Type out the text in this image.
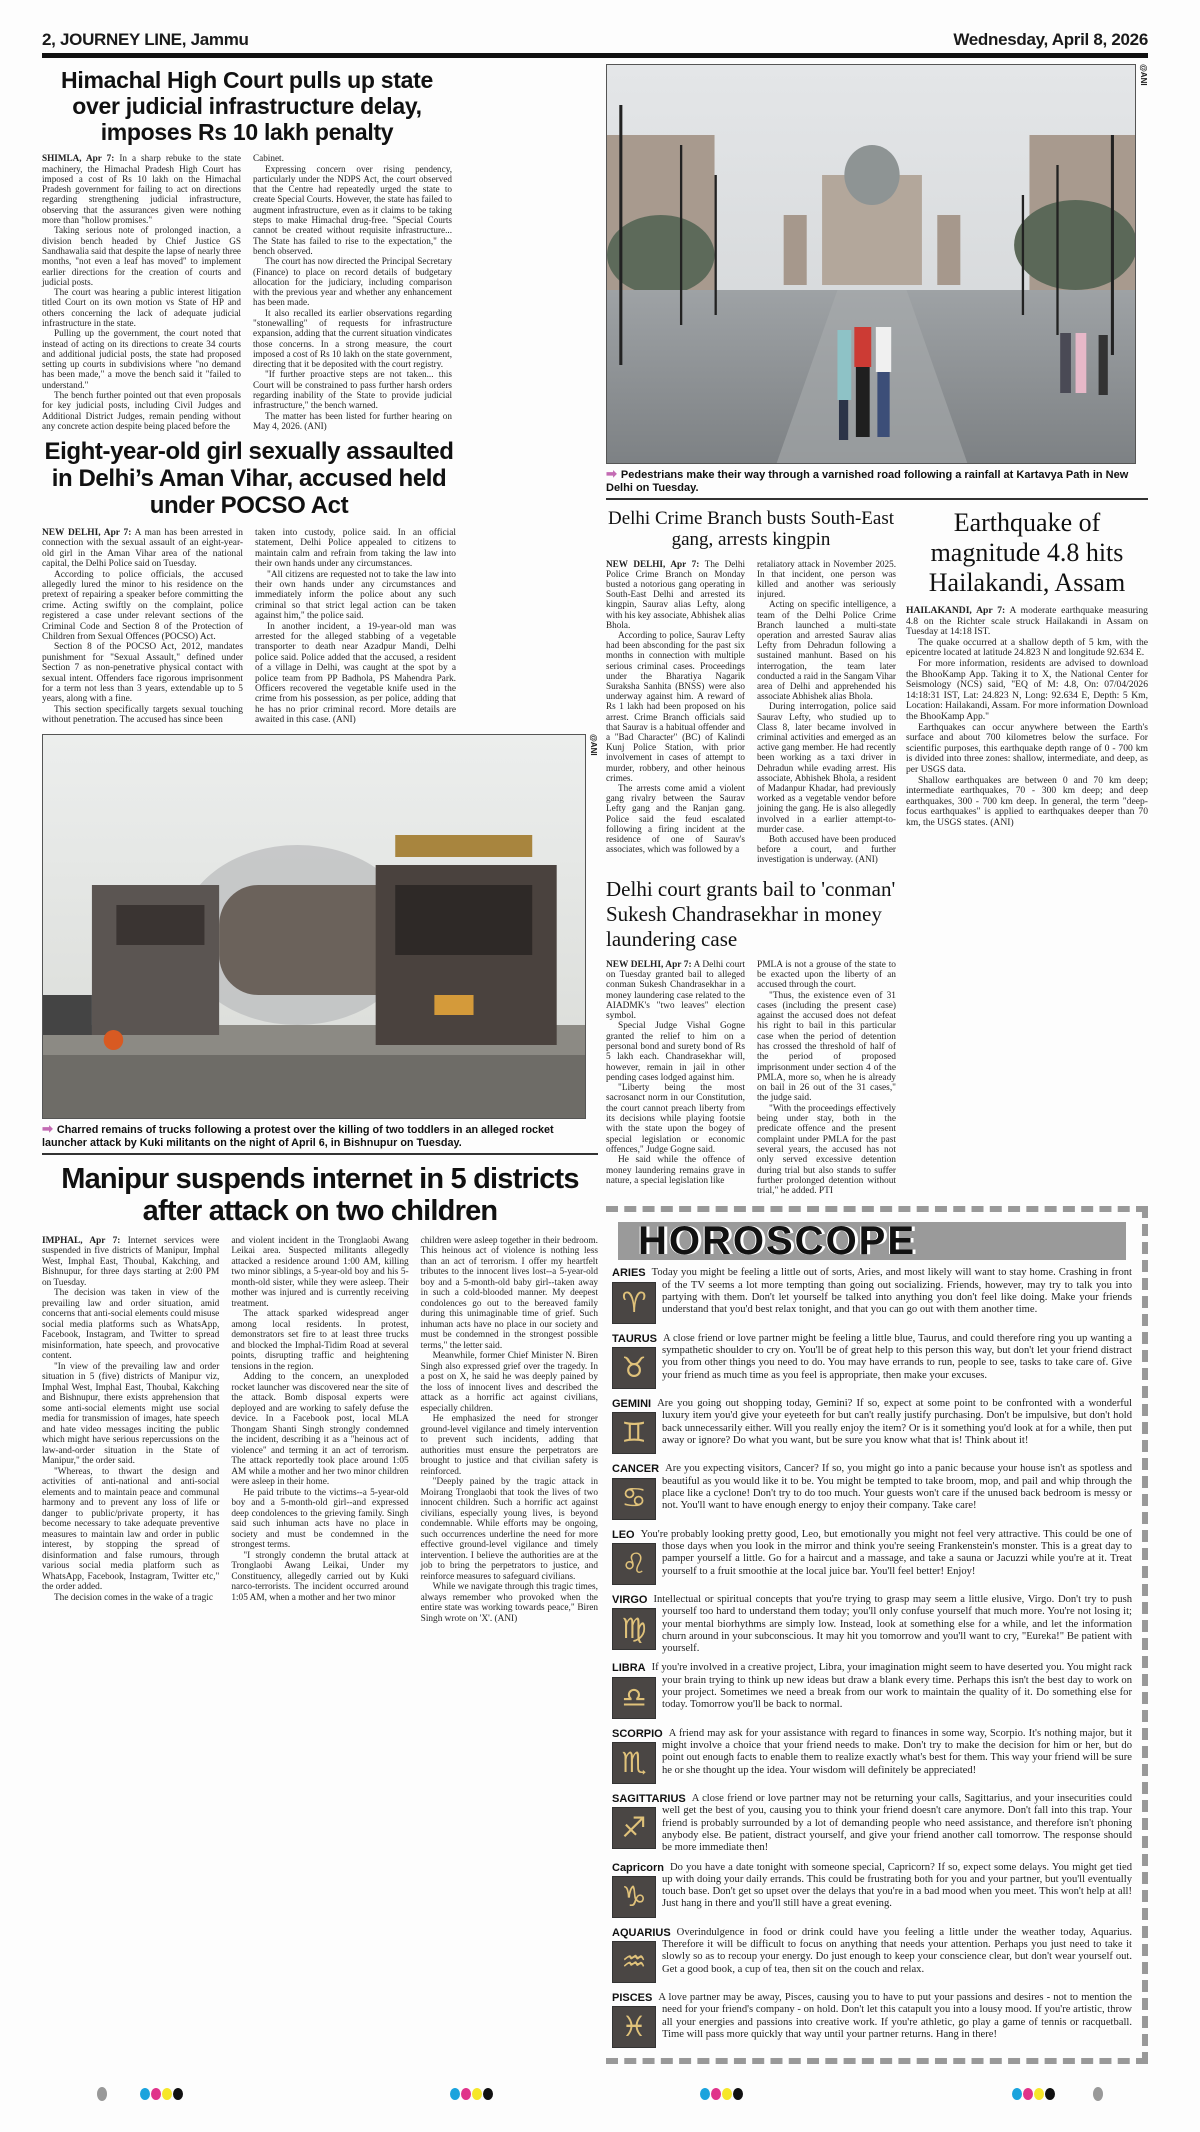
2, JOURNEY LINE, Jammu	Wednesday, April 8, 2026
Himachal High Court pulls up state over judicial infrastructure delay, imposes Rs 10 lakh penalty

SHIMLA, Apr 7: In a sharp rebuke to the state machinery, the Himachal Pradesh High Court has imposed a cost of Rs 10 lakh on the Himachal Pradesh government for failing to act on directions regarding strengthening judicial infrastructure, observing that the assurances given were nothing more than "hollow promises."

Taking serious note of prolonged inaction, a division bench headed by Chief Justice GS Sandhawalia said that despite the lapse of nearly three months, "not even a leaf has moved" to implement earlier directions for the creation of courts and judicial posts.

The court was hearing a public interest litigation titled Court on its own motion vs State of HP and others concerning the lack of adequate judicial infrastructure in the state.

Pulling up the government, the court noted that instead of acting on its directions to create 34 courts and additional judicial posts, the state had proposed setting up courts in subdivisions where "no demand has been made," a move the bench said it "failed to understand."

The bench further pointed out that even proposals for key judicial posts, including Civil Judges and Additional District Judges, remain pending without any concrete action despite being placed before the

Cabinet.

Expressing concern over rising pendency, particularly under the NDPS Act, the court observed that the Centre had repeatedly urged the state to create Special Courts. However, the state has failed to augment infrastructure, even as it claims to be taking steps to make Himachal drug-free. "Special Courts cannot be created without requisite infrastructure... The State has failed to rise to the expectation," the bench observed.

The court has now directed the Principal Secretary (Finance) to place on record details of budgetary allocation for the judiciary, including comparison with the previous year and whether any enhancement has been made.

It also recalled its earlier observations regarding "stonewalling" of requests for infrastructure expansion, adding that the current situation vindicates those concerns. In a strong measure, the court imposed a cost of Rs 10 lakh on the state government, directing that it be deposited with the court registry.

"If further proactive steps are not taken... this Court will be constrained to pass further harsh orders regarding inability of the State to provide judicial infrastructure," the bench warned.

The matter has been listed for further hearing on May 4, 2026. (ANI)

Eight-year-old girl sexually assaulted in Delhi’s Aman Vihar, accused held under POCSO Act

NEW DELHI, Apr 7: A man has been arrested in connection with the sexual assault of an eight-year-old girl in the Aman Vihar area of the national capital, the Delhi Police said on Tuesday.

According to police officials, the accused allegedly lured the minor to his residence on the pretext of repairing a speaker before committing the crime. Acting swiftly on the complaint, police registered a case under relevant sections of the Criminal Code and Section 8 of the Protection of Children from Sexual Offences (POCSO) Act.

Section 8 of the POCSO Act, 2012, mandates punishment for "Sexual Assault," defined under Section 7 as non-penetrative physical contact with sexual intent. Offenders face rigorous imprisonment for a term not less than 3 years, extendable up to 5 years, along with a fine.

This section specifically targets sexual touching without penetration. The accused has since been

taken into custody, police said. In an official statement, Delhi Police appealed to citizens to maintain calm and refrain from taking the law into their own hands under any circumstances.

"All citizens are requested not to take the law into their own hands under any circumstances and immediately inform the police about any such criminal so that strict legal action can be taken against him," the police said.

In another incident, a 19-year-old man was arrested for the alleged stabbing of a vegetable transporter to death near Azadpur Mandi, Delhi police said. Police added that the accused, a resident of a village in Delhi, was caught at the spot by a police team from PP Badhola, PS Mahendra Park. Officers recovered the vegetable knife used in the crime from his possession, as per police, adding that he has no prior criminal record. More details are awaited in this case. (ANI)

@ANI
➡ Charred remains of trucks following a protest over the killing of two toddlers in an alleged rocket launcher attack by Kuki militants on the night of April 6, in Bishnupur on Tuesday.
Manipur suspends internet in 5 districts after attack on two children

IMPHAL, Apr 7: Internet services were suspended in five districts of Manipur, Imphal West, Imphal East, Thoubal, Kakching, and Bishnupur, for three days starting at 2:00 PM on Tuesday.

The decision was taken in view of the prevailing law and order situation, amid concerns that anti-social elements could misuse social media platforms such as WhatsApp, Facebook, Instagram, and Twitter to spread misinformation, hate speech, and provocative content.

"In view of the prevailing law and order situation in 5 (five) districts of Manipur viz, Imphal West, Imphal East, Thoubal, Kakching and Bishnupur, there exists apprehension that some anti-social elements might use social media for transmission of images, hate speech and hate video messages inciting the public which might have serious repercussions on the law-and-order situation in the State of Manipur," the order said.

"Whereas, to thwart the design and activities of anti-national and anti-social elements and to maintain peace and communal harmony and to prevent any loss of life or danger to public/private property, it has become necessary to take adequate preventive measures to maintain law and order in public interest, by stopping the spread of disinformation and false rumours, through various social media platform such as WhatsApp, Facebook, Instagram, Twitter etc," the order added.

The decision comes in the wake of a tragic

and violent incident in the Tronglaobi Awang Leikai area. Suspected militants allegedly attacked a residence around 1:00 AM, killing two minor siblings, a 5-year-old boy and his 5-month-old sister, while they were asleep. Their mother was injured and is currently receiving treatment.

The attack sparked widespread anger among local residents. In protest, demonstrators set fire to at least three trucks and blocked the Imphal-Tidim Road at several points, disrupting traffic and heightening tensions in the region.

Adding to the concern, an unexploded rocket launcher was discovered near the site of the attack. Bomb disposal experts were deployed and are working to safely defuse the device. In a Facebook post, local MLA Thongam Shanti Singh strongly condemned the incident, describing it as a "heinous act of violence" and terming it an act of terrorism. The attack reportedly took place around 1:05 AM while a mother and her two minor children were asleep in their home.

He paid tribute to the victims--a 5-year-old boy and a 5-month-old girl--and expressed deep condolences to the grieving family. Singh said such inhuman acts have no place in society and must be condemned in the strongest terms.

"I strongly condemn the brutal attack at Tronglaobi Awang Leikai, Under my Constituency, allegedly carried out by Kuki narco-terrorists. The incident occurred around 1:05 AM, when a mother and her two minor

children were asleep together in their bedroom. This heinous act of violence is nothing less than an act of terrorism. I offer my heartfelt tributes to the innocent lives lost--a 5-year-old boy and a 5-month-old baby girl--taken away in such a cold-blooded manner. My deepest condolences go out to the bereaved family during this unimaginable time of grief. Such inhuman acts have no place in our society and must be condemned in the strongest possible terms," the letter said.

Meanwhile, former Chief Minister N. Biren Singh also expressed grief over the tragedy. In a post on X, he said he was deeply pained by the loss of innocent lives and described the attack as a horrific act against civilians, especially children.

He emphasized the need for stronger ground-level vigilance and timely intervention to prevent such incidents, adding that authorities must ensure the perpetrators are brought to justice and that civilian safety is reinforced.

"Deeply pained by the tragic attack in Moirang Tronglaobi that took the lives of two innocent children. Such a horrific act against civilians, especially young lives, is beyond condemnable. While efforts may be ongoing, such occurrences underline the need for more effective ground-level vigilance and timely intervention. I believe the authorities are at the job to bring the perpetrators to justice, and reinforce measures to safeguard civilians.

While we navigate through this tragic times, always remember who provoked when the entire state was working towards peace," Biren Singh wrote on 'X'. (ANI)

@ANI
➡ Pedestrians make their way through a varnished road following a rainfall at Kartavya Path in New Delhi on Tuesday.
Delhi Crime Branch busts South-East gang, arrests kingpin

NEW DELHI, Apr 7: The Delhi Police Crime Branch on Monday busted a notorious gang operating in South-East Delhi and arrested its kingpin, Saurav alias Lefty, along with his key associate, Abhishek alias Bhola.

According to police, Saurav Lefty had been absconding for the past six months in connection with multiple serious criminal cases. Proceedings under the Bharatiya Nagarik Suraksha Sanhita (BNSS) were also underway against him. A reward of Rs 1 lakh had been proposed on his arrest. Crime Branch officials said that Saurav is a habitual offender and a "Bad Character" (BC) of Kalindi Kunj Police Station, with prior involvement in cases of attempt to murder, robbery, and other heinous crimes.

The arrests come amid a violent gang rivalry between the Saurav Lefty gang and the Ranjan gang. Police said the feud escalated following a firing incident at the residence of one of Saurav's associates, which was followed by a

retaliatory attack in November 2025. In that incident, one person was killed and another was seriously injured.

Acting on specific intelligence, a team of the Delhi Police Crime Branch launched a multi-state operation and arrested Saurav alias Lefty from Dehradun following a sustained manhunt. Based on his interrogation, the team later conducted a raid in the Sangam Vihar area of Delhi and apprehended his associate Abhishek alias Bhola.

During interrogation, police said Saurav Lefty, who studied up to Class 8, later became involved in criminal activities and emerged as an active gang member. He had recently been working as a taxi driver in Dehradun while evading arrest. His associate, Abhishek Bhola, a resident of Madanpur Khadar, had previously worked as a vegetable vendor before joining the gang. He is also allegedly involved in a earlier attempt-to-murder case.

Both accused have been produced before a court, and further investigation is underway. (ANI)

Delhi court grants bail to 'conman' Sukesh Chandrasekhar in money laundering case

NEW DELHI, Apr 7: A Delhi court on Tuesday granted bail to alleged conman Sukesh Chandrasekhar in a money laundering case related to the AIADMK's "two leaves" election symbol.

Special Judge Vishal Gogne granted the relief to him on a personal bond and surety bond of Rs 5 lakh each. Chandrasekhar will, however, remain in jail in other pending cases lodged against him.

"Liberty being the most sacrosanct norm in our Constitution, the court cannot preach liberty from its decisions while playing footsie with the state upon the bogey of special legislation or economic offences," Judge Gogne said.

He said while the offence of money laundering remains grave in nature, a special legislation like

PMLA is not a grouse of the state to be exacted upon the liberty of an accused through the court.

"Thus, the existence even of 31 cases (including the present case) against the accused does not defeat his right to bail in this particular case when the period of detention has crossed the threshold of half of the period of proposed imprisonment under section 4 of the PMLA, more so, when he is already on bail in 26 out of the 31 cases," the judge said.

"With the proceedings effectively being under stay, both in the predicate offence and the present complaint under PMLA for the past several years, the accused has not only served excessive detention during trial but also stands to suffer further prolonged detention without trial," he added. PTI

Earthquake of magnitude 4.8 hits Hailakandi, Assam

HAILAKANDI, Apr 7: A moderate earthquake measuring 4.8 on the Richter scale struck Hailakandi in Assam on Tuesday at 14:18 IST.

The quake occurred at a shallow depth of 5 km, with the epicentre located at latitude 24.823 N and longitude 92.634 E.

For more information, residents are advised to download the BhooKamp App. Taking it to X, the National Center for Seismology (NCS) said, "EQ of M: 4.8, On: 07/04/2026 14:18:31 IST, Lat: 24.823 N, Long: 92.634 E, Depth: 5 Km, Location: Hailakandi, Assam. For more information Download the BhooKamp App."

Earthquakes can occur anywhere between the Earth's surface and about 700 kilometres below the surface. For scientific purposes, this earthquake depth range of 0 - 700 km is divided into three zones: shallow, intermediate, and deep, as per USGS data.

Shallow earthquakes are between 0 and 70 km deep; intermediate earthquakes, 70 - 300 km deep; and deep earthquakes, 300 - 700 km deep. In general, the term "deep-focus earthquakes" is applied to earthquakes deeper than 70 km, the USGS states. (ANI)

HOROSCOPE
ARIES
♈
Today you might be feeling a little out of sorts, Aries, and most likely will want to stay home. Crashing in front of the TV seems a lot more tempting than going out socializing. Friends, however, may try to talk you into partying with them. Don't let yourself be talked into anything you don't feel like doing. Make your friends understand that you'd best relax tonight, and that you can go out with them another time.
TAURUS
♉
A close friend or love partner might be feeling a little blue, Taurus, and could therefore ring you up wanting a sympathetic shoulder to cry on. You'll be of great help to this person this way, but don't let your friend distract you from other things you need to do. You may have errands to run, people to see, tasks to take care of. Give your friend as much time as you feel is appropriate, then make your excuses.
GEMINI
♊
Are you going out shopping today, Gemini? If so, expect at some point to be confronted with a wonderful luxury item you'd give your eyeteeth for but can't really justify purchasing. Don't be impulsive, but don't hold back unnecessarily either. Will you really enjoy the item? Or is it something you'd look at for a while, then put away or ignore? Do what you want, but be sure you know what that is! Think about it!
CANCER
♋
Are you expecting visitors, Cancer? If so, you might go into a panic because your house isn't as spotless and beautiful as you would like it to be. You might be tempted to take broom, mop, and pail and whip through the place like a cyclone! Don't try to do too much. Your guests won't care if the unused back bedroom is messy or not. You'll want to have enough energy to enjoy their company. Take care!
LEO
♌
You're probably looking pretty good, Leo, but emotionally you might not feel very attractive. This could be one of those days when you look in the mirror and think you're seeing Frankenstein's monster. This is a great day to pamper yourself a little. Go for a haircut and a massage, and take a sauna or Jacuzzi while you're at it. Treat yourself to a fruit smoothie at the local juice bar. You'll feel better! Enjoy!
VIRGO
♍
Intellectual or spiritual concepts that you're trying to grasp may seem a little elusive, Virgo. Don't try to push yourself too hard to understand them today; you'll only confuse yourself that much more. You're not losing it; your mental biorhythms are simply low. Instead, look at something else for a while, and let the information churn around in your subconscious. It may hit you tomorrow and you'll want to cry, "Eureka!" Be patient with yourself.
LIBRA
♎
If you're involved in a creative project, Libra, your imagination might seem to have deserted you. You might rack your brain trying to think up new ideas but draw a blank every time. Perhaps this isn't the best day to work on your project. Sometimes we need a break from our work to maintain the quality of it. Do something else for today. Tomorrow you'll be back to normal.
SCORPIO
♏
A friend may ask for your assistance with regard to finances in some way, Scorpio. It's nothing major, but it might involve a choice that your friend needs to make. Don't try to make the decision for him or her, but do point out enough facts to enable them to realize exactly what's best for them. This way your friend will be sure he or she thought up the idea. Your wisdom will definitely be appreciated!
SAGITTARIUS
♐
A close friend or love partner may not be returning your calls, Sagittarius, and your insecurities could well get the best of you, causing you to think your friend doesn't care anymore. Don't fall into this trap. Your friend is probably surrounded by a lot of demanding people who need assistance, and therefore isn't phoning anybody else. Be patient, distract yourself, and give your friend another call tomorrow. The response should be more immediate then!
Capricorn
♑
Do you have a date tonight with someone special, Capricorn? If so, expect some delays. You might get tied up with doing your daily errands. This could be frustrating both for you and your partner, but you'll eventually touch base. Don't get so upset over the delays that you're in a bad mood when you meet. This won't help at all! Just hang in there and you'll still have a great evening.
AQUARIUS
♒
Overindulgence in food or drink could have you feeling a little under the weather today, Aquarius. Therefore it will be difficult to focus on anything that needs your attention. Perhaps you just need to take it slowly so as to recoup your energy. Do just enough to keep your conscience clear, but don't wear yourself out. Get a good book, a cup of tea, then sit on the couch and relax.
PISCES
♓
A love partner may be away, Pisces, causing you to have to put your passions and desires - not to mention the need for your friend's company - on hold. Don't let this catapult you into a lousy mood. If you're artistic, throw all your energies and passions into creative work. If you're athletic, go play a game of tennis or racquetball. Time will pass more quickly that way until your partner returns. Hang in there!
